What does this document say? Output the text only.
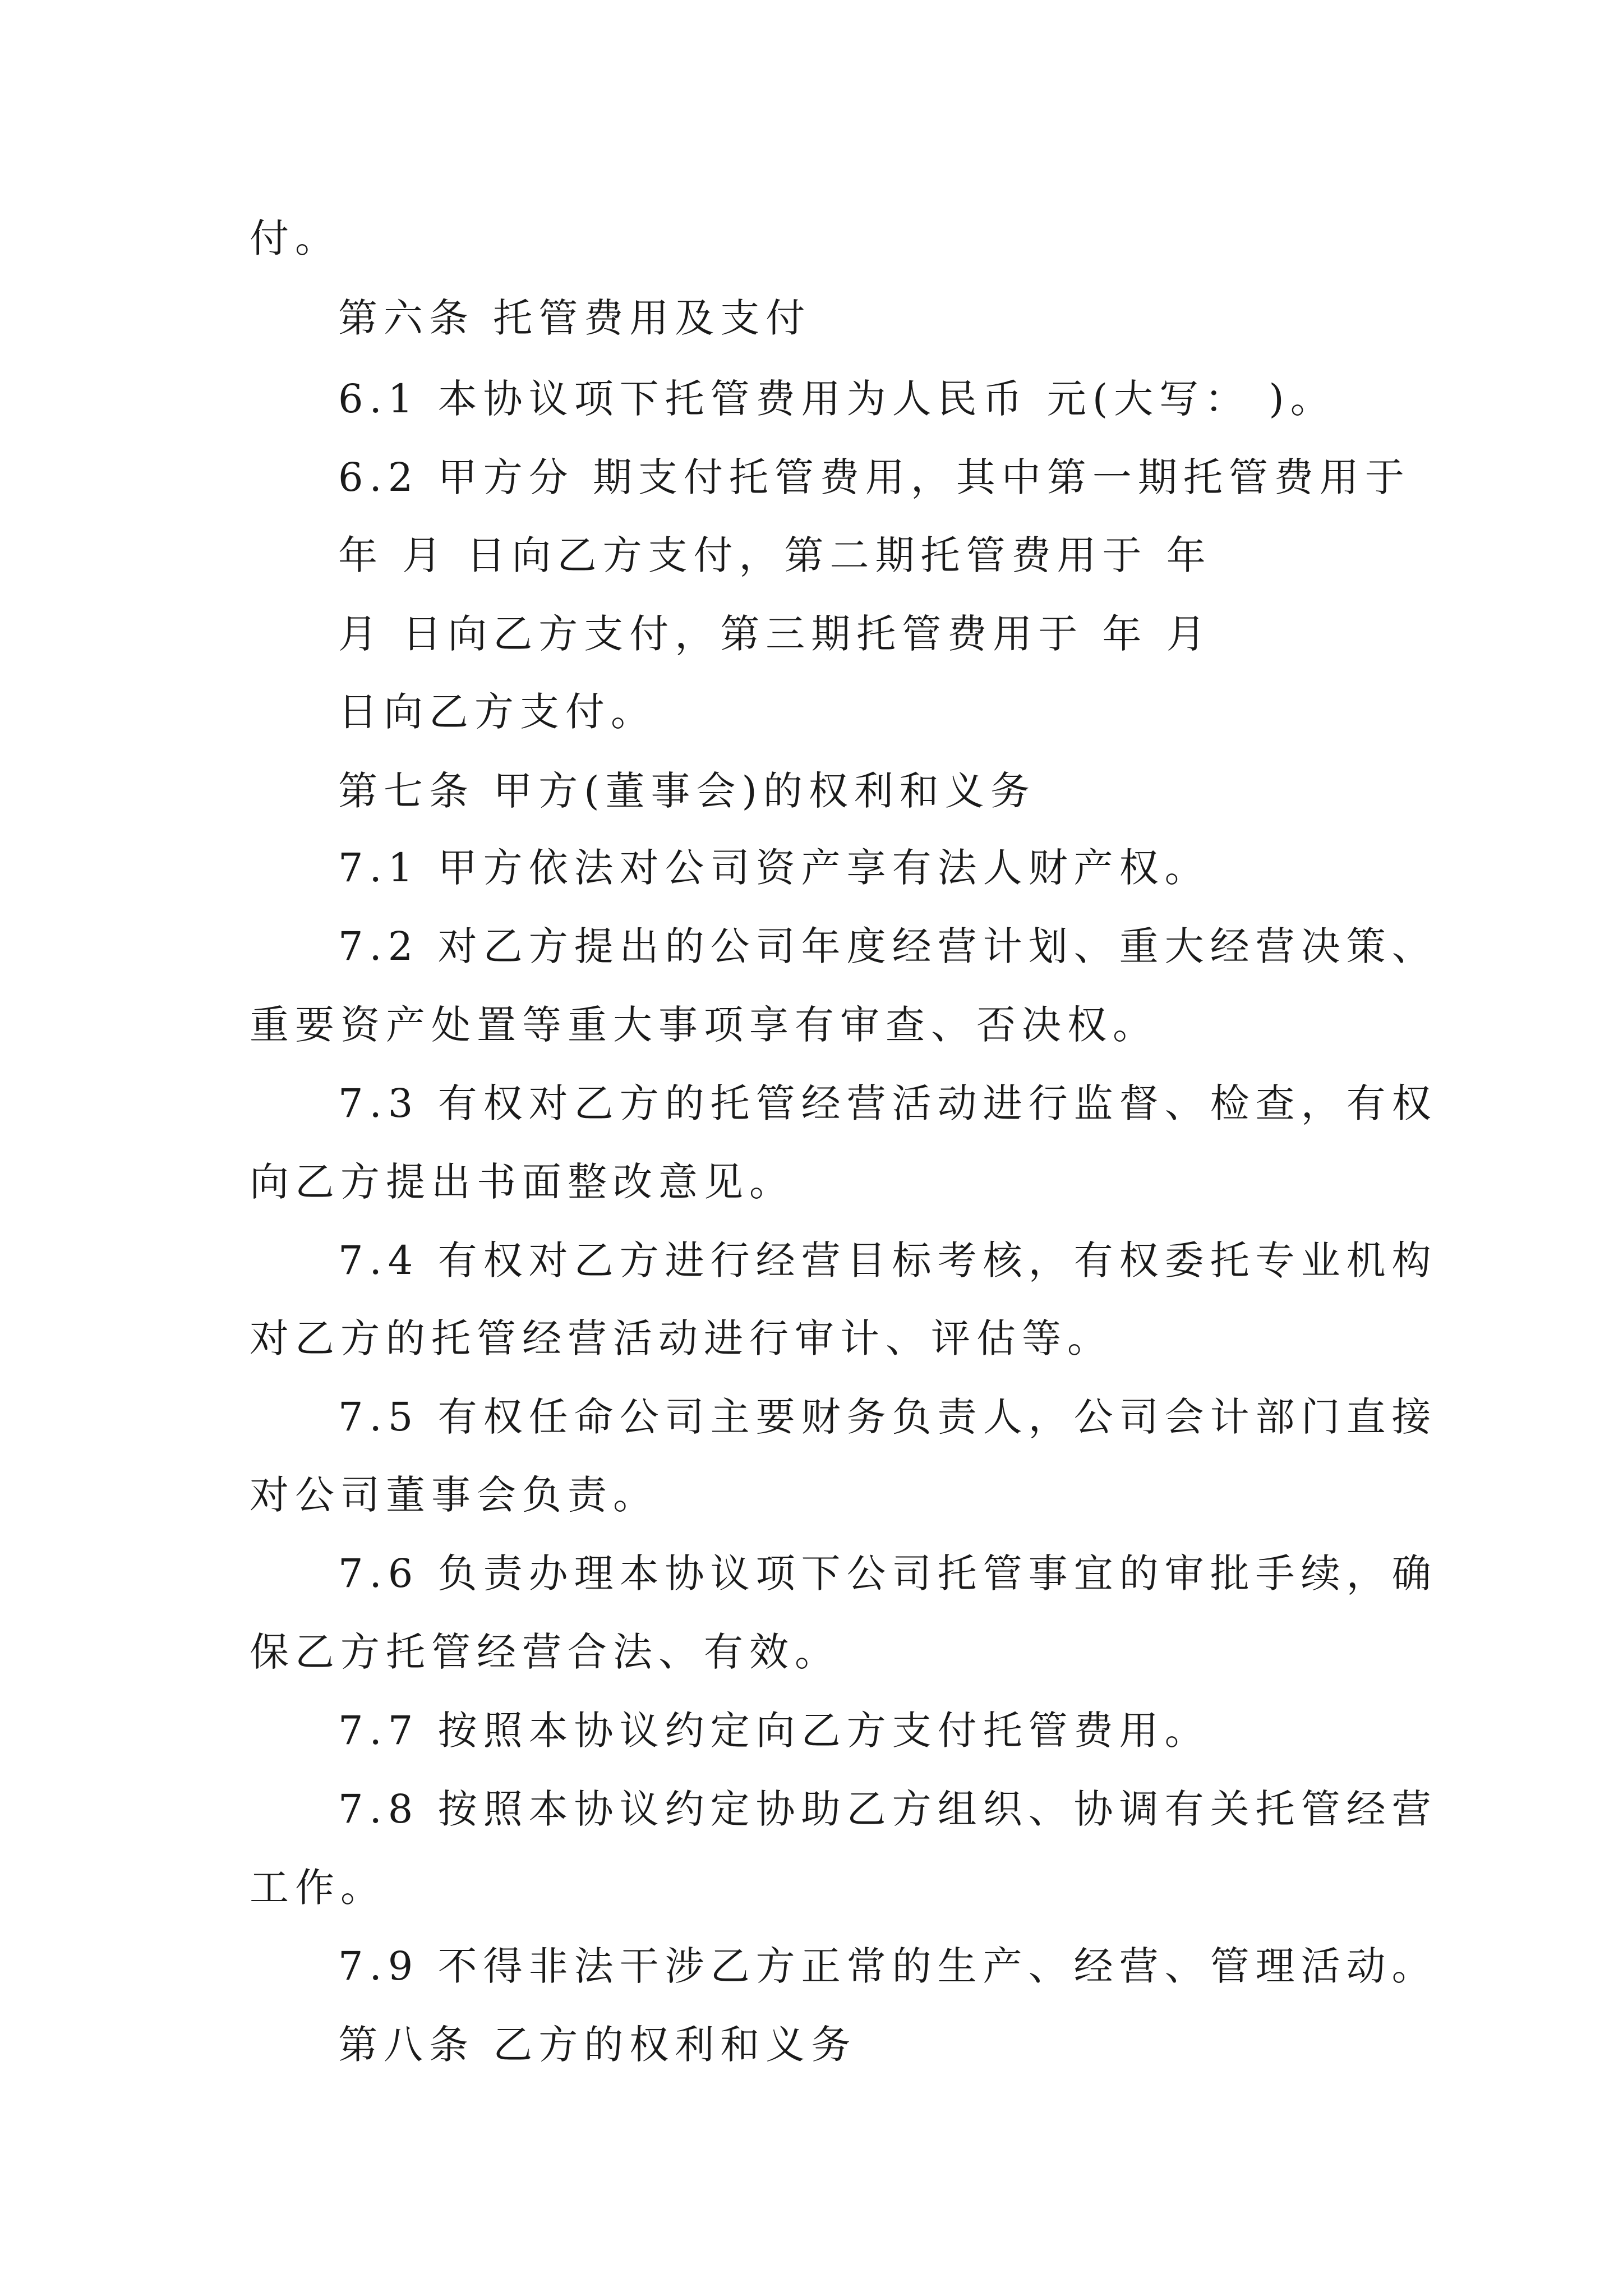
付。
第六条 托管费用及支付
6.1 本协议项下托管费用为人民币 元(大写： )。
6.2 甲方分 期支付托管费用，其中第一期托管费用于
年 月 日向乙方支付，第二期托管费用于 年
月 日向乙方支付，第三期托管费用于 年 月
日向乙方支付。
第七条 甲方(董事会)的权利和义务
7.1 甲方依法对公司资产享有法人财产权。
7.2 对乙方提出的公司年度经营计划、重大经营决策、
重要资产处置等重大事项享有审查、否决权。
7.3 有权对乙方的托管经营活动进行监督、检查，有权
向乙方提出书面整改意见。
7.4 有权对乙方进行经营目标考核，有权委托专业机构
对乙方的托管经营活动进行审计、评估等。
7.5 有权任命公司主要财务负责人，公司会计部门直接
对公司董事会负责。
7.6 负责办理本协议项下公司托管事宜的审批手续，确
保乙方托管经营合法、有效。
7.7 按照本协议约定向乙方支付托管费用。
7.8 按照本协议约定协助乙方组织、协调有关托管经营
工作。
7.9 不得非法干涉乙方正常的生产、经营、管理活动。
第八条 乙方的权利和义务
